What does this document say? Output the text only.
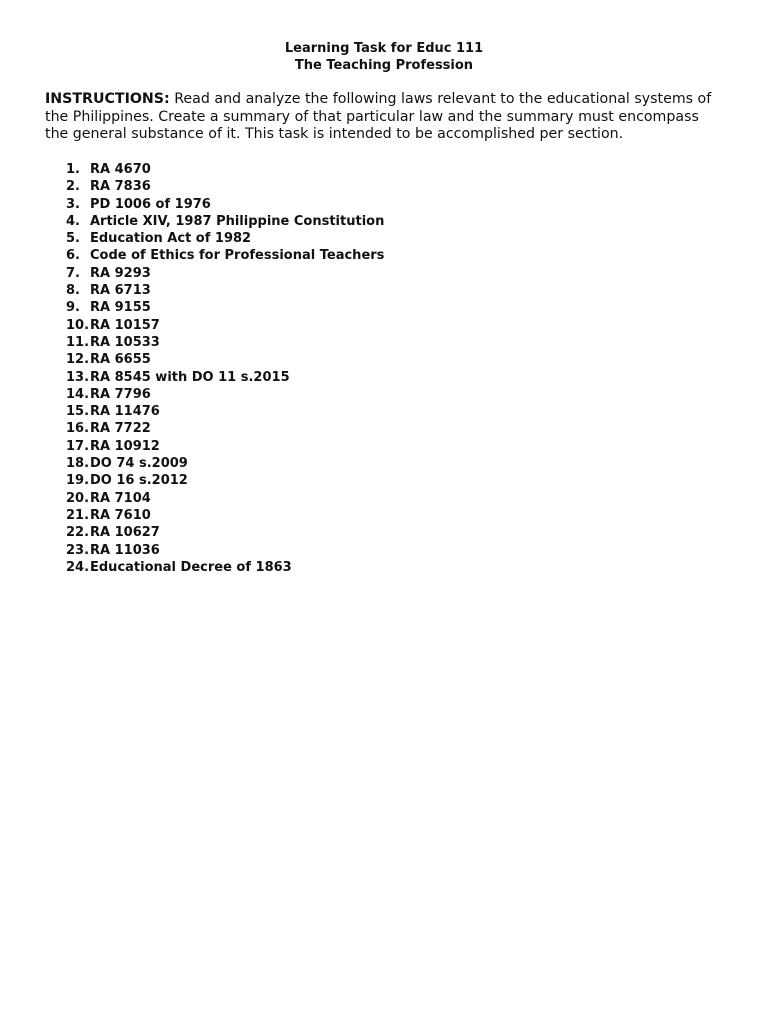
Learning Task for Educ 111
The Teaching Profession
INSTRUCTIONS: Read and analyze the following laws relevant to the educational systems of the Philippines. Create a summary of that particular law and the summary must encompass the general substance of it. This task is intended to be accomplished per section.
1. RA 4670
2. RA 7836
3. PD 1006 of 1976
4. Article XIV, 1987 Philippine Constitution
5. Education Act of 1982
6. Code of Ethics for Professional Teachers
7. RA 9293
8. RA 6713
9. RA 9155
10. RA 10157
11. RA 10533
12. RA 6655
13. RA 8545 with DO 11 s.2015
14. RA 7796
15. RA 11476
16. RA 7722
17. RA 10912
18. DO 74 s.2009
19. DO 16 s.2012
20. RA 7104
21. RA 7610
22. RA 10627
23. RA 11036
24. Educational Decree of 1863
